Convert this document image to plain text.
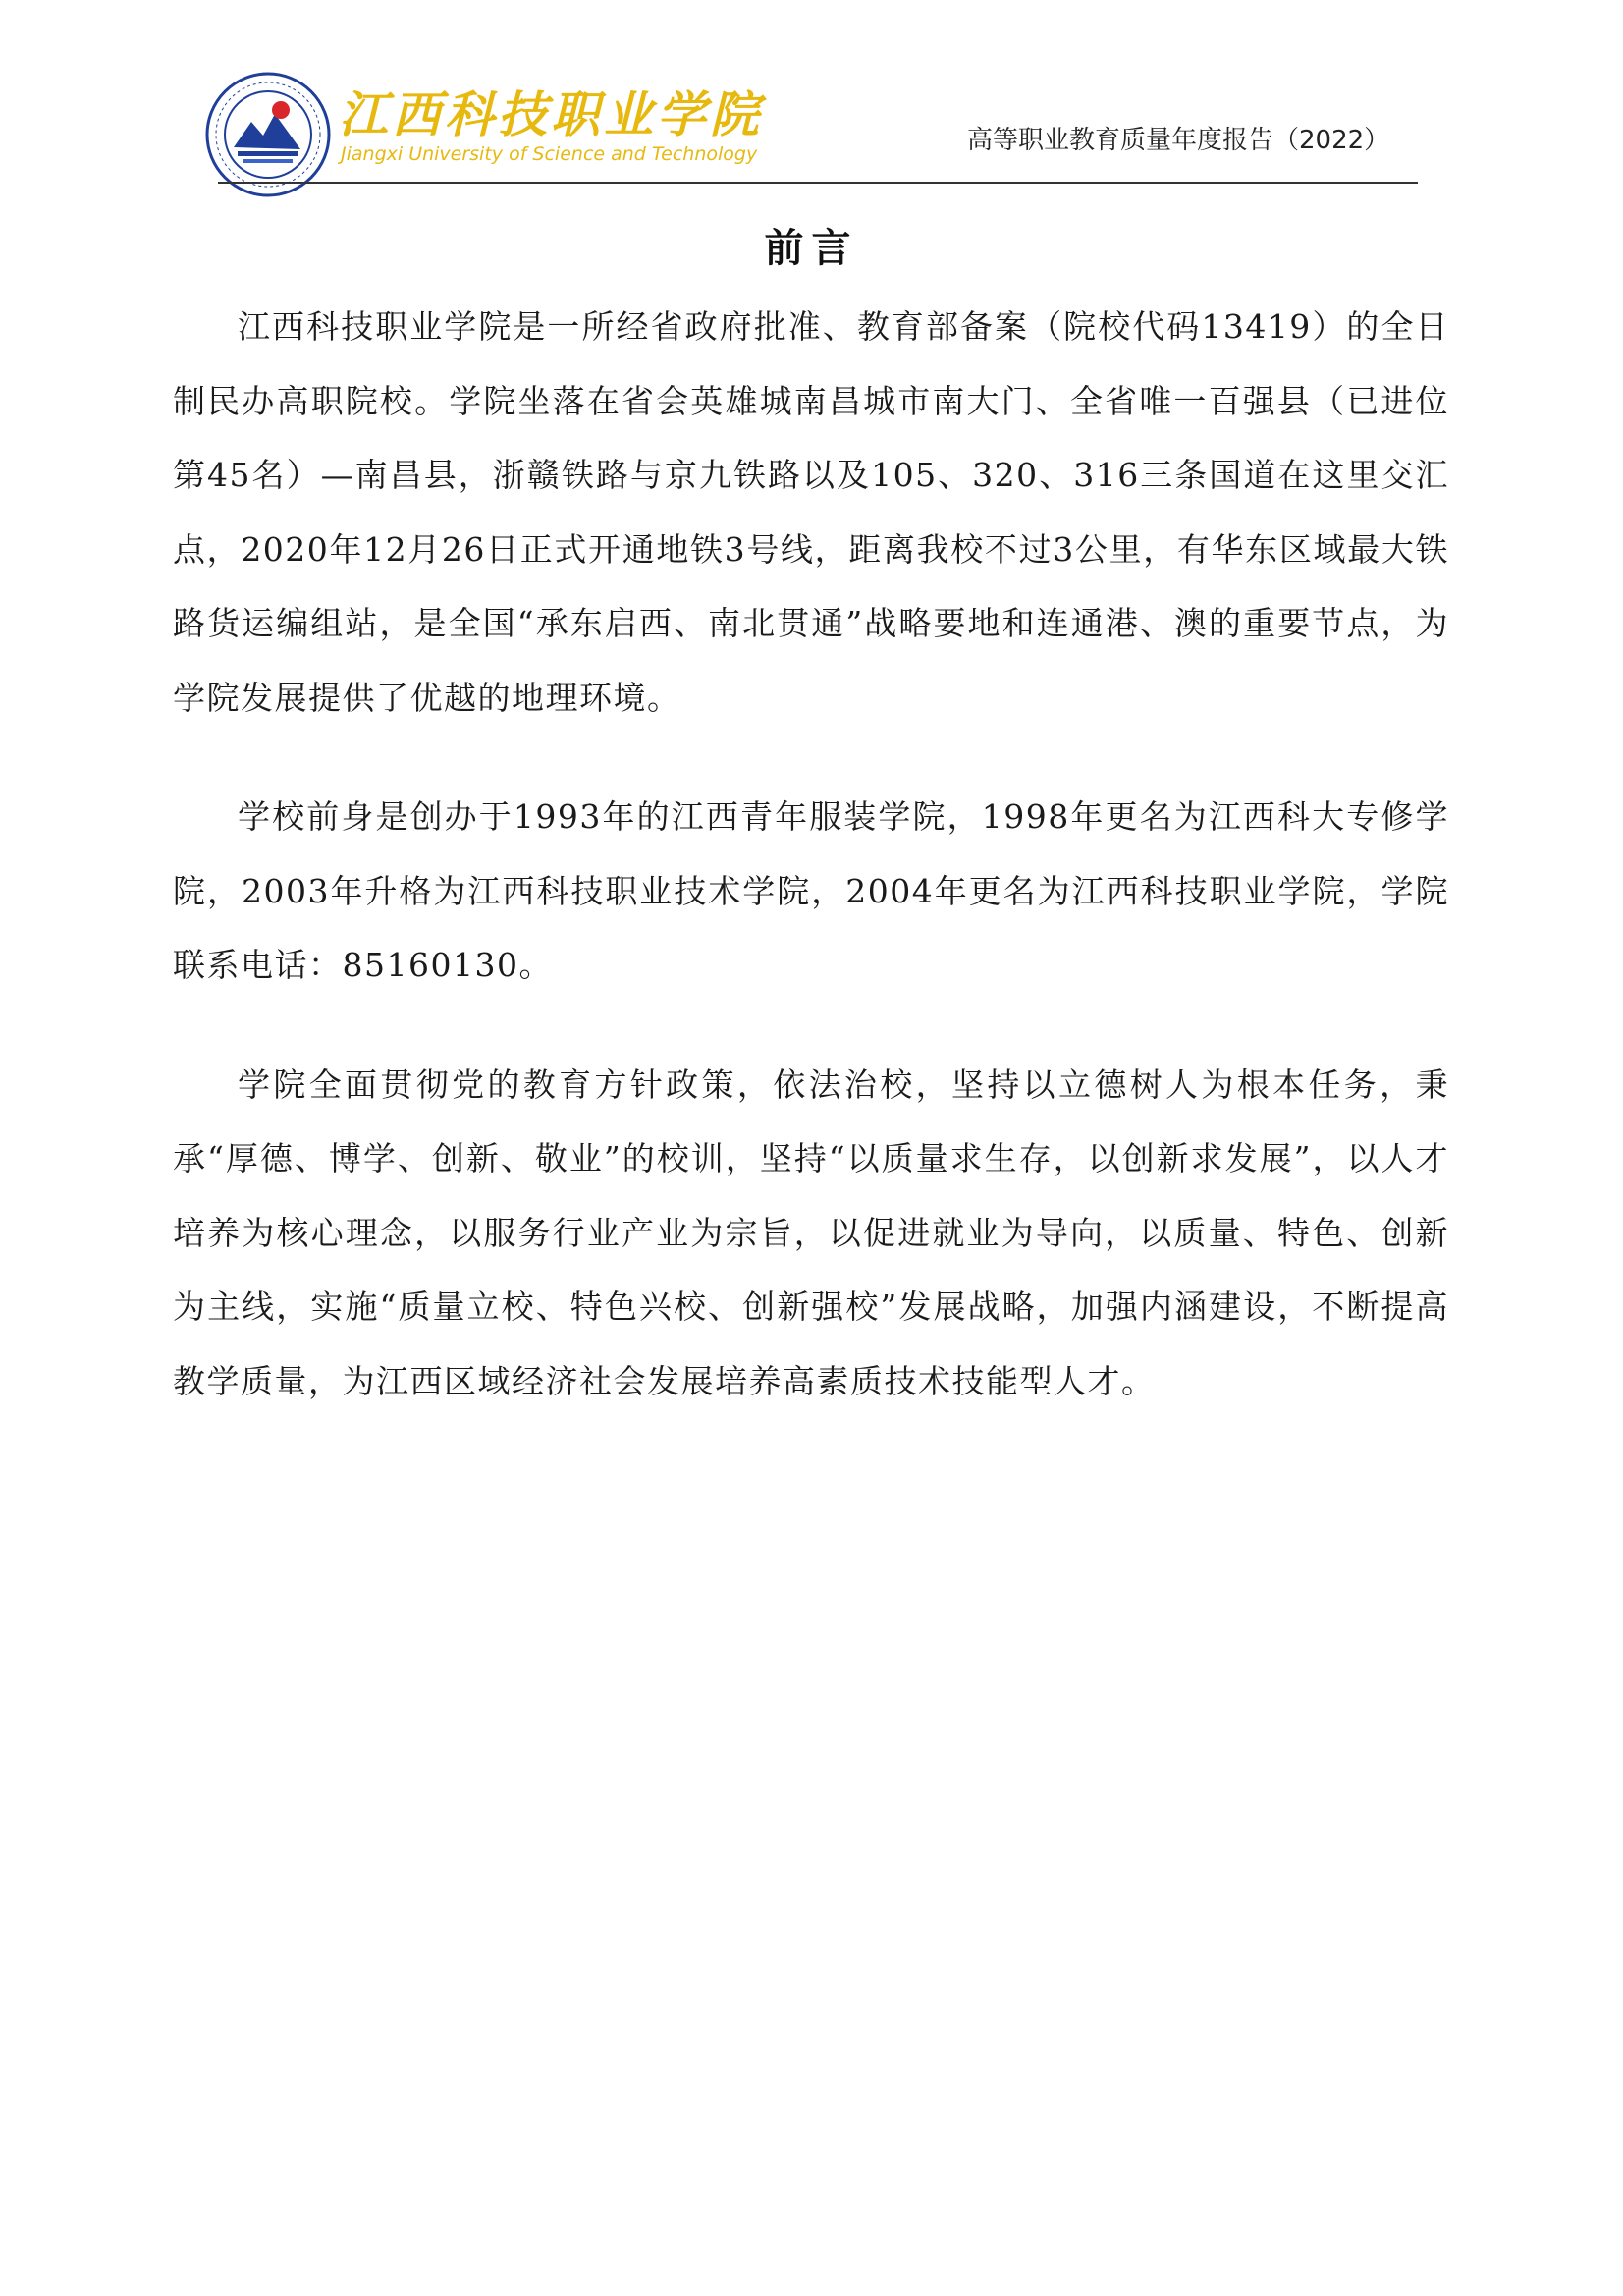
江西科技职业学院
Jiangxi University of Science and Technology	高等职业教育质量年度报告（2022）
前言

江西科技职业学院是一所经省政府批准、教育部备案（院校代码13419）的全日制民办高职院校。学院坐落在省会英雄城南昌城市南大门、全省唯一百强县（已进位第45名）—南昌县，浙赣铁路与京九铁路以及105、320、316三条国道在这里交汇点，2020年12月26日正式开通地铁3号线，距离我校不过3公里，有华东区域最大铁路货运编组站，是全国“承东启西、南北贯通”战略要地和连通港、澳的重要节点，为学院发展提供了优越的地理环境。

学校前身是创办于1993年的江西青年服装学院，1998年更名为江西科大专修学院，2003年升格为江西科技职业技术学院，2004年更名为江西科技职业学院，学院联系电话：85160130。

学院全面贯彻党的教育方针政策，依法治校，坚持以立德树人为根本任务，秉承“厚德、博学、创新、敬业”的校训，坚持“以质量求生存，以创新求发展”，以人才培养为核心理念，以服务行业产业为宗旨，以促进就业为导向，以质量、特色、创新为主线，实施“质量立校、特色兴校、创新强校”发展战略，加强内涵建设，不断提高教学质量，为江西区域经济社会发展培养高素质技术技能型人才。
